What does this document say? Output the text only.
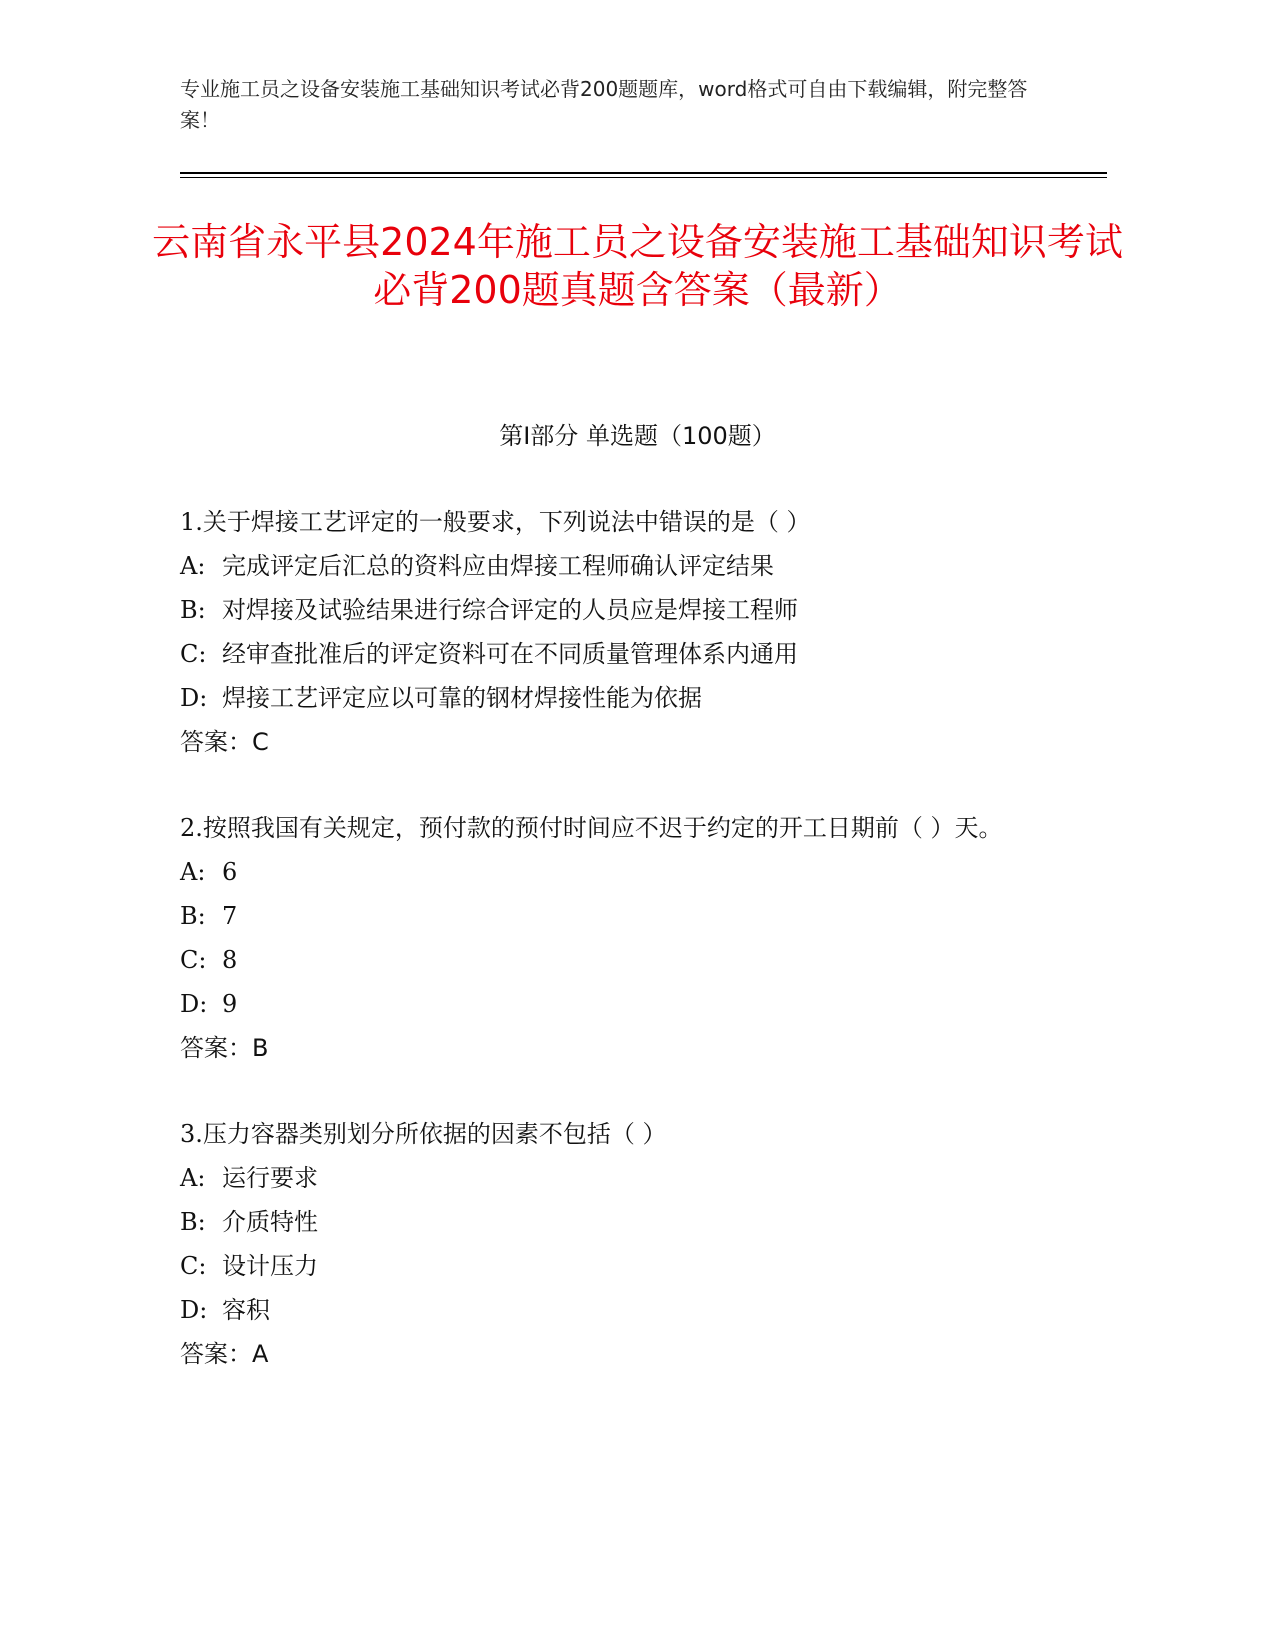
专业施工员之设备安装施工基础知识考试必背200题题库，word格式可自由下载编辑，附完整答案！
云南省永平县2024年施工员之设备安装施工基础知识考试必背200题真题含答案（最新）
第I部分 单选题（100题）
1.关于焊接工艺评定的一般要求，下列说法中错误的是（ ）
A: 完成评定后汇总的资料应由焊接工程师确认评定结果
B: 对焊接及试验结果进行综合评定的人员应是焊接工程师
C: 经审查批准后的评定资料可在不同质量管理体系内通用
D: 焊接工艺评定应以可靠的钢材焊接性能为依据
答案：C
2.按照我国有关规定，预付款的预付时间应不迟于约定的开工日期前（ ）天。
A: 6
B: 7
C: 8
D: 9
答案：B
3.压力容器类别划分所依据的因素不包括（ ）
A: 运行要求
B: 介质特性
C: 设计压力
D: 容积
答案：A
